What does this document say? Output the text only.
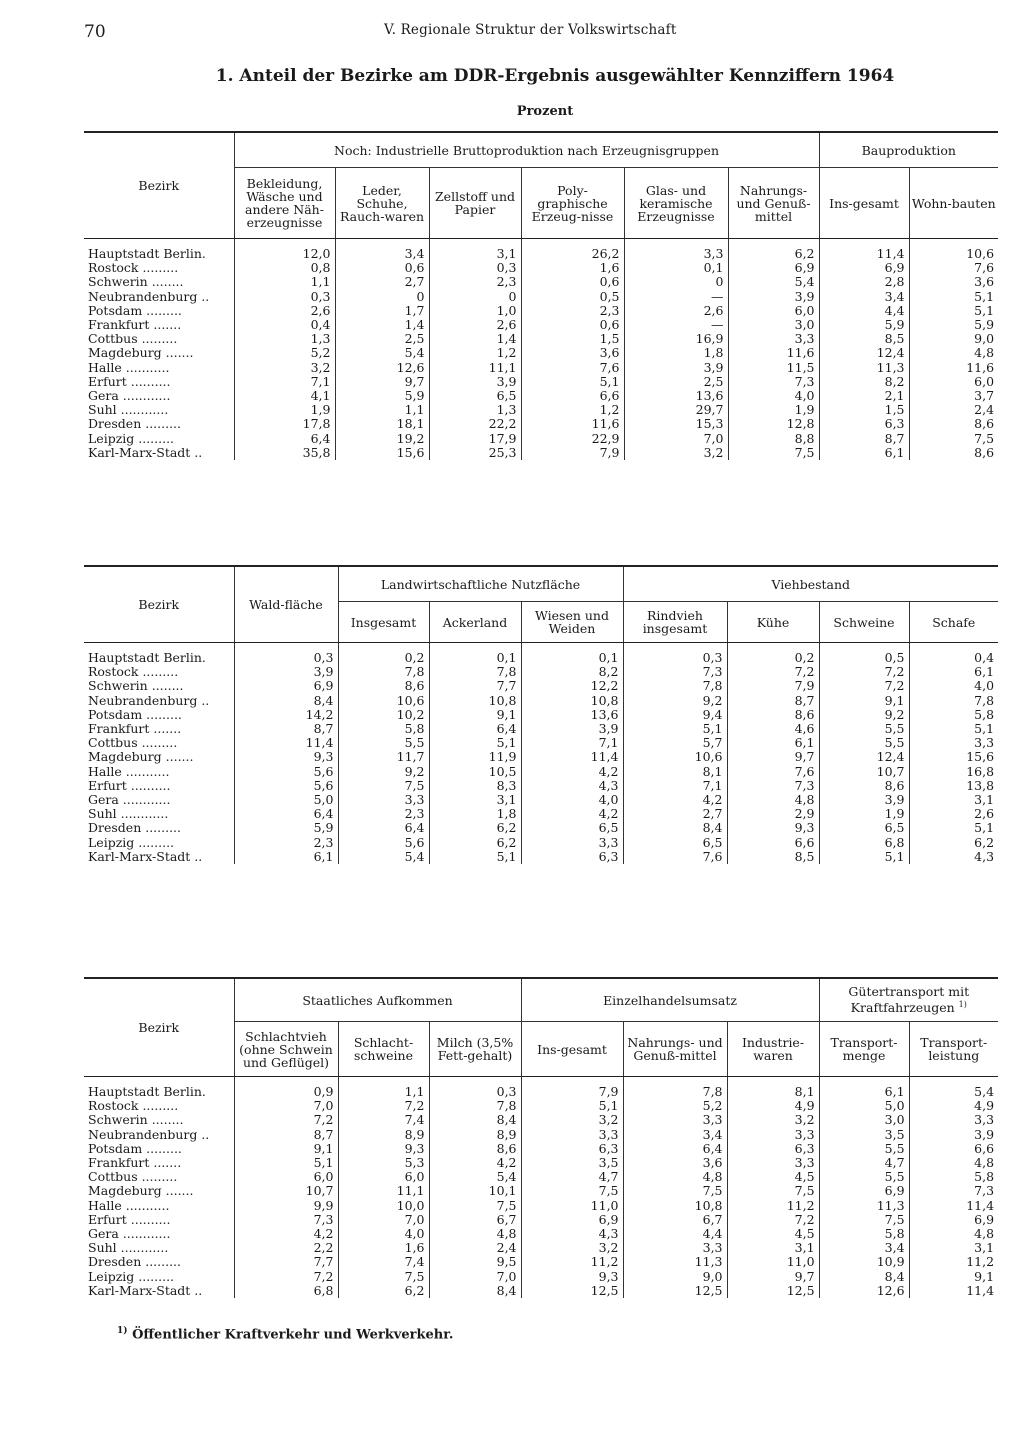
70	V. Regionale Struktur der Volkswirtschaft
1. Anteil der Bezirke am DDR-Ergebnis ausgewählter Kennziffern 1964
Prozent
Bezirk	Noch: Industrielle Bruttoproduktion nach Erzeugnisgruppen						Bauproduktion	
	Bekleidung, Wäsche und andere Näh-erzeugnisse	Leder, Schuhe, Rauch-waren	Zellstoff und Papier	Poly-graphische Erzeug-nisse	Glas- und keramische Erzeugnisse	Nahrungs- und Genuß-mittel	Ins-gesamt	Wohn-bauten
Hauptstadt Berlin.	12,0	3,4	3,1	26,2	3,3	6,2	11,4	10,6
Rostock .........	0,8	0,6	0,3	1,6	0,1	6,9	6,9	7,6
Schwerin ........	1,1	2,7	2,3	0,6	0	5,4	2,8	3,6
Neubrandenburg ..	0,3	0	0	0,5	—	3,9	3,4	5,1
Potsdam .........	2,6	1,7	1,0	2,3	2,6	6,0	4,4	5,1
Frankfurt .......	0,4	1,4	2,6	0,6	—	3,0	5,9	5,9
Cottbus .........	1,3	2,5	1,4	1,5	16,9	3,3	8,5	9,0
Magdeburg .......	5,2	5,4	1,2	3,6	1,8	11,6	12,4	4,8
Halle ...........	3,2	12,6	11,1	7,6	3,9	11,5	11,3	11,6
Erfurt ..........	7,1	9,7	3,9	5,1	2,5	7,3	8,2	6,0
Gera ............	4,1	5,9	6,5	6,6	13,6	4,0	2,1	3,7
Suhl ............	1,9	1,1	1,3	1,2	29,7	1,9	1,5	2,4
Dresden .........	17,8	18,1	22,2	11,6	15,3	12,8	6,3	8,6
Leipzig .........	6,4	19,2	17,9	22,9	7,0	8,8	8,7	7,5
Karl-Marx-Stadt ..	35,8	15,6	25,3	7,9	3,2	7,5	6,1	8,6
Bezirk	Wald-fläche	Landwirtschaftliche Nutzfläche			Viehbestand			
		Insgesamt	Ackerland	Wiesen und Weiden	Rindvieh insgesamt	Kühe	Schweine	Schafe
Hauptstadt Berlin.	0,3	0,2	0,1	0,1	0,3	0,2	0,5	0,4
Rostock .........	3,9	7,8	7,8	8,2	7,3	7,2	7,2	6,1
Schwerin ........	6,9	8,6	7,7	12,2	7,8	7,9	7,2	4,0
Neubrandenburg ..	8,4	10,6	10,8	10,8	9,2	8,7	9,1	7,8
Potsdam .........	14,2	10,2	9,1	13,6	9,4	8,6	9,2	5,8
Frankfurt .......	8,7	5,8	6,4	3,9	5,1	4,6	5,5	5,1
Cottbus .........	11,4	5,5	5,1	7,1	5,7	6,1	5,5	3,3
Magdeburg .......	9,3	11,7	11,9	11,4	10,6	9,7	12,4	15,6
Halle ...........	5,6	9,2	10,5	4,2	8,1	7,6	10,7	16,8
Erfurt ..........	5,6	7,5	8,3	4,3	7,1	7,3	8,6	13,8
Gera ............	5,0	3,3	3,1	4,0	4,2	4,8	3,9	3,1
Suhl ............	6,4	2,3	1,8	4,2	2,7	2,9	1,9	2,6
Dresden .........	5,9	6,4	6,2	6,5	8,4	9,3	6,5	5,1
Leipzig .........	2,3	5,6	6,2	3,3	6,5	6,6	6,8	6,2
Karl-Marx-Stadt ..	6,1	5,4	5,1	6,3	7,6	8,5	5,1	4,3
Bezirk	Staatliches Aufkommen			Einzelhandelsumsatz			Gütertransport mit Kraftfahrzeugen $^{1)}$
	Schlachtvieh (ohne Schwein und Geflügel)	Schlacht-schweine	Milch (3,5% Fett-gehalt)	Ins-gesamt	Nahrungs- und Genuß-mittel	Industrie-waren	Transport-menge	Transport-leistung
Hauptstadt Berlin.	0,9	1,1	0,3	7,9	7,8	8,1	6,1	5,4
Rostock .........	7,0	7,2	7,8	5,1	5,2	4,9	5,0	4,9
Schwerin ........	7,2	7,4	8,4	3,2	3,3	3,2	3,0	3,3
Neubrandenburg ..	8,7	8,9	8,9	3,3	3,4	3,3	3,5	3,9
Potsdam .........	9,1	9,3	8,6	6,3	6,4	6,3	5,5	6,6
Frankfurt .......	5,1	5,3	4,2	3,5	3,6	3,3	4,7	4,8
Cottbus .........	6,0	6,0	5,4	4,7	4,8	4,5	5,5	5,8
Magdeburg .......	10,7	11,1	10,1	7,5	7,5	7,5	6,9	7,3
Halle ...........	9,9	10,0	7,5	11,0	10,8	11,2	11,3	11,4
Erfurt ..........	7,3	7,0	6,7	6,9	6,7	7,2	7,5	6,9
Gera ............	4,2	4,0	4,8	4,3	4,4	4,5	5,8	4,8
Suhl ............	2,2	1,6	2,4	3,2	3,3	3,1	3,4	3,1
Dresden .........	7,7	7,4	9,5	11,2	11,3	11,0	10,9	11,2
Leipzig .........	7,2	7,5	7,0	9,3	9,0	9,7	8,4	9,1
Karl-Marx-Stadt ..	6,8	6,2	8,4	12,5	12,5	12,5	12,6	11,4
$^{1)}$ Öffentlicher Kraftverkehr und Werkverkehr.
